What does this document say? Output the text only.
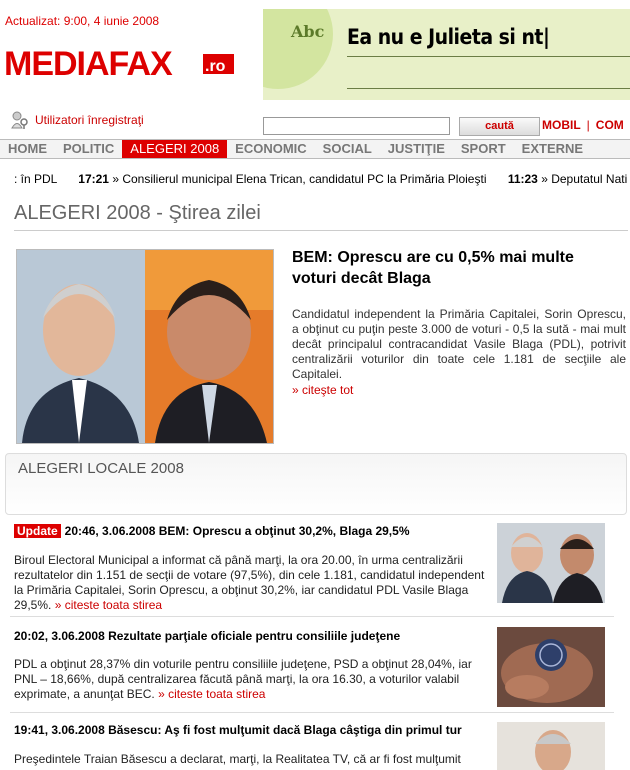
Actualizat: 9:00, 4 iunie 2008
MEDIAFAX .ro
Abc Ea nu e Julieta si nt|
Utilizatori înregistraţi	caută	MOBIL | COM
HOME	POLITIC	ALEGERI 2008	ECONOMIC	SOCIAL	JUSTIŢIE	SPORT	EXTERNE
: în PDL 17:21 » Consilierul municipal Elena Trican, candidatul PC la Primăria Ploieşti 11:23 » Deputatul Nati
ALEGERI 2008 - Ştirea zilei
BEM: Oprescu are cu 0,5% mai multe voturi decât Blaga
Candidatul independent la Primăria Capitalei, Sorin Oprescu, a obţinut cu puţin peste 3.000 de voturi - 0,5 la sută - mai mult decât principalul contracandidat Vasile Blaga (PDL), potrivit centralizării voturilor din toate cele 1.181 de secţiile ale Capitalei.
» citeşte tot
ALEGERI LOCALE 2008
Update 20:46, 3.06.2008 BEM: Oprescu a obţinut 30,2%, Blaga 29,5%
Biroul Electoral Municipal a informat că până marţi, la ora 20.00, în urma centralizării rezultatelor din 1.151 de secţii de votare (97,5%), din cele 1.181, candidatul independent la Primăria Capitalei, Sorin Oprescu, a obţinut 30,2%, iar candidatul PDL Vasile Blaga 29,5%. » citeste toata stirea
20:02, 3.06.2008 Rezultate parţiale oficiale pentru consiliile judeţene
PDL a obţinut 28,37% din voturile pentru consiliile judeţene, PSD a obţinut 28,04%, iar PNL – 18,66%, după centralizarea făcută până marţi, la ora 16.30, a voturilor valabil exprimate, a anunţat BEC. » citeste toata stirea
19:41, 3.06.2008 Băsescu: Aş fi fost mulţumit dacă Blaga câştiga din primul tur
Preşedintele Traian Băsescu a declarat, marţi, la Realitatea TV, că ar fi fost mulţumit
